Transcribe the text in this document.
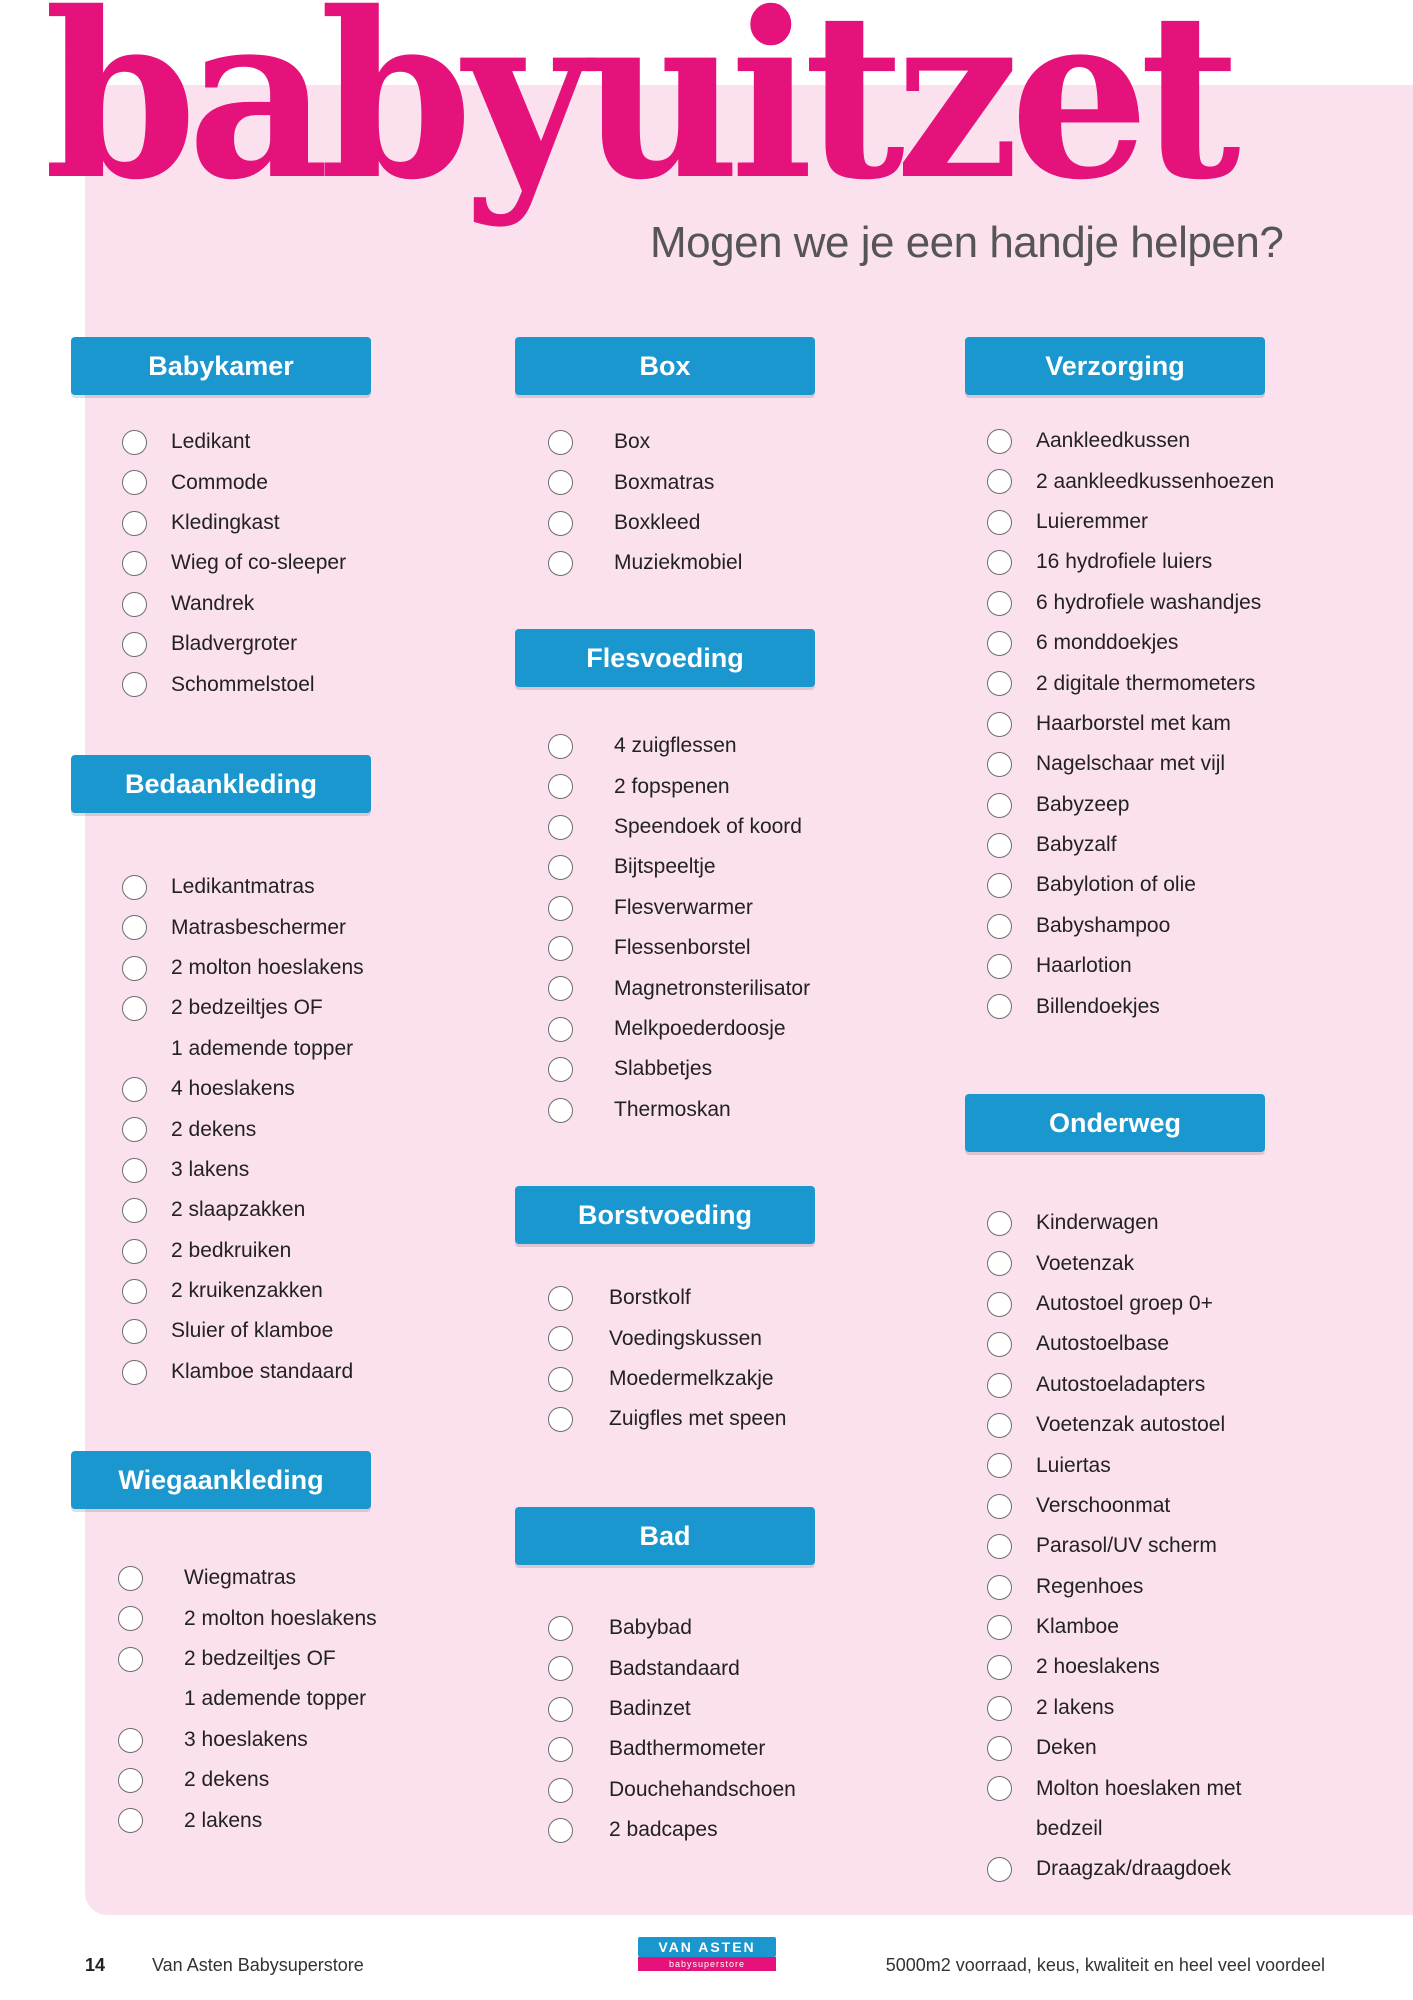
babyuitzet
Mogen we je een handje helpen?
Babykamer
Ledikant
Commode
Kledingkast
Wieg of co-sleeper
Wandrek
Bladvergroter
Schommelstoel
Bedaankleding
Ledikantmatras
Matrasbeschermer
2 molton hoeslakens
2 bedzeiltjes OF
1 ademende topper
4 hoeslakens
2 dekens
3 lakens
2 slaapzakken
2 bedkruiken
2 kruikenzakken
Sluier of klamboe
Klamboe standaard
Wiegaankleding
Wiegmatras
2 molton hoeslakens
2 bedzeiltjes OF
1 ademende topper
3 hoeslakens
2 dekens
2 lakens
Box
Box
Boxmatras
Boxkleed
Muziekmobiel
Flesvoeding
4 zuigflessen
2 fopspenen
Speendoek of koord
Bijtspeeltje
Flesverwarmer
Flessenborstel
Magnetronsterilisator
Melkpoederdoosje
Slabbetjes
Thermoskan
Borstvoeding
Borstkolf
Voedingskussen
Moedermelkzakje
Zuigfles met speen
Bad
Babybad
Badstandaard
Badinzet
Badthermometer
Douchehandschoen
2 badcapes
Verzorging
Aankleedkussen
2 aankleedkussenhoezen
Luieremmer
16 hydrofiele luiers
6 hydrofiele washandjes
6 monddoekjes
2 digitale thermometers
Haarborstel met kam
Nagelschaar met vijl
Babyzeep
Babyzalf
Babylotion of olie
Babyshampoo
Haarlotion
Billendoekjes
Onderweg
Kinderwagen
Voetenzak
Autostoel groep 0+
Autostoelbase
Autostoeladapters
Voetenzak autostoel
Luiertas
Verschoonmat
Parasol/UV scherm
Regenhoes
Klamboe
2 hoeslakens
2 lakens
Deken
Molton hoeslaken met
bedzeil
Draagzak/draagdoek
14	Van Asten Babysuperstore
VAN ASTEN
babysuperstore	5000m2 voorraad, keus, kwaliteit en heel veel voordeel
